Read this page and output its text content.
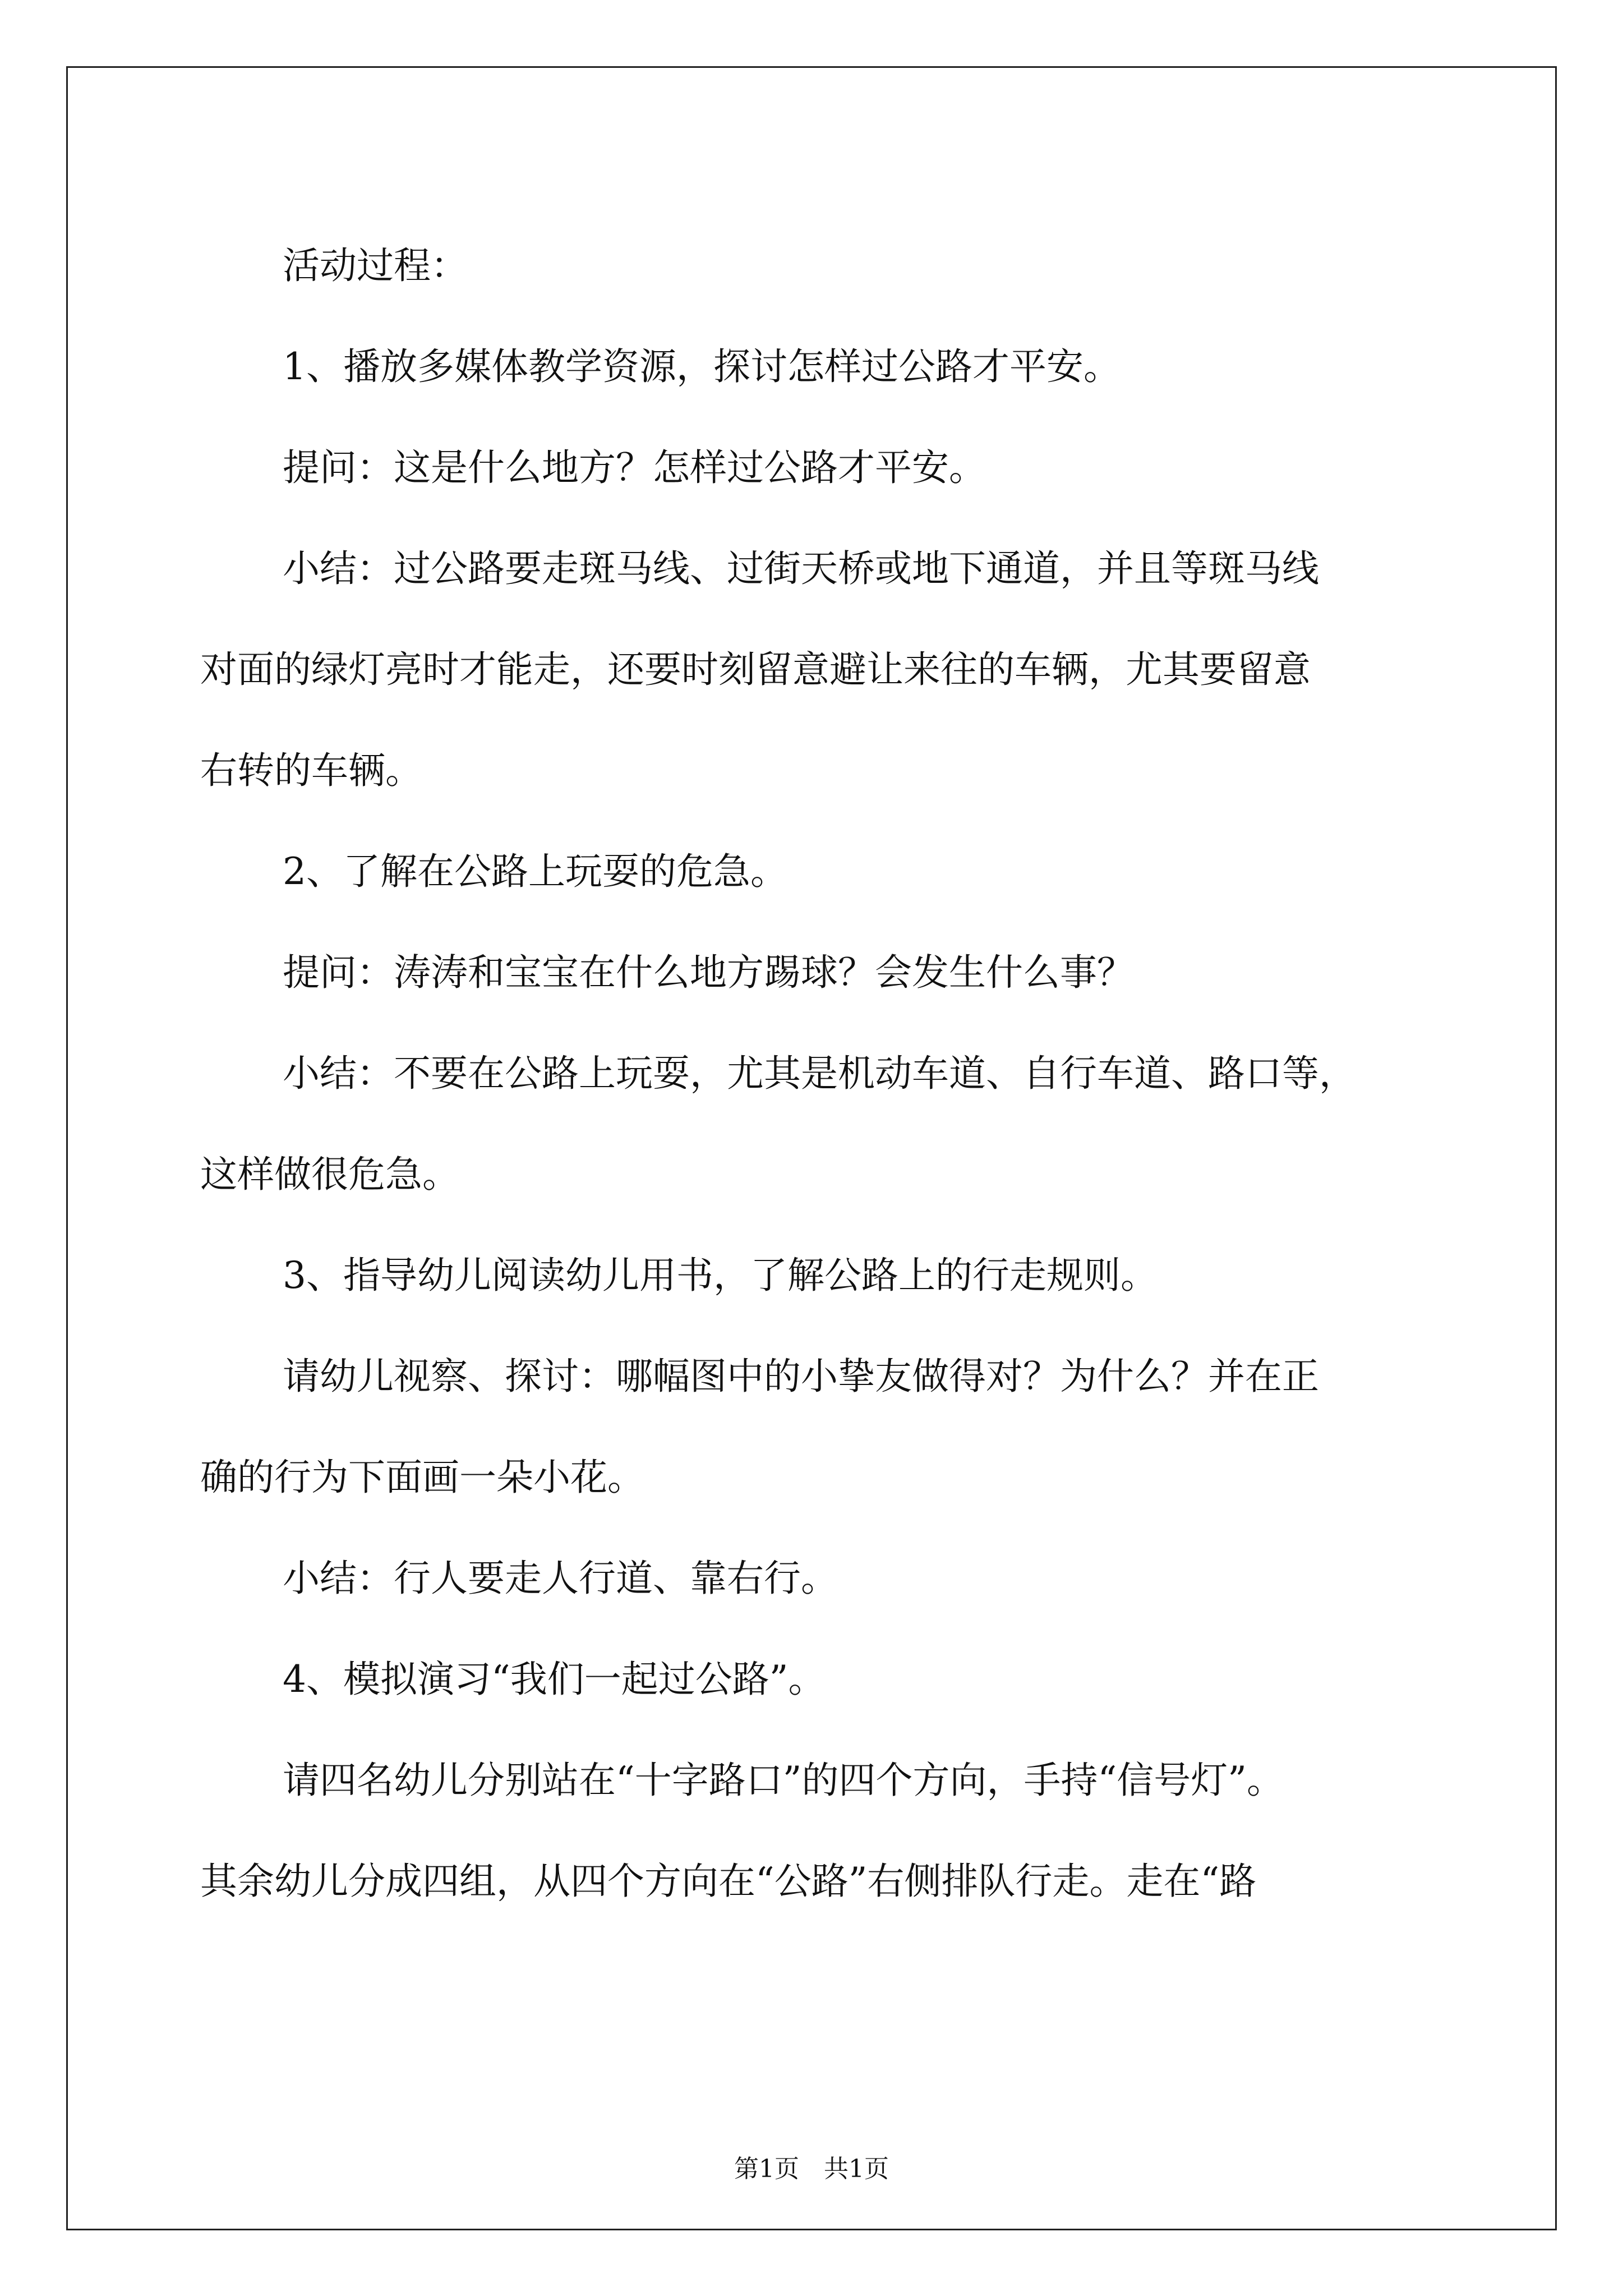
活动过程：
1、播放多媒体教学资源，探讨怎样过公路才平安。
提问：这是什么地方？怎样过公路才平安。
小结：过公路要走斑马线、过街天桥或地下通道，并且等斑马线
对面的绿灯亮时才能走，还要时刻留意避让来往的车辆，尤其要留意
右转的车辆。
2、了解在公路上玩耍的危急。
提问：涛涛和宝宝在什么地方踢球？会发生什么事？
小结：不要在公路上玩耍，尤其是机动车道、自行车道、路口等，
这样做很危急。
3、指导幼儿阅读幼儿用书，了解公路上的行走规则。
请幼儿视察、探讨：哪幅图中的小挚友做得对？为什么？并在正
确的行为下面画一朵小花。
小结：行人要走人行道、靠右行。
4、模拟演习“我们一起过公路”。
请四名幼儿分别站在“十字路口”的四个方向，手持“信号灯”。
其余幼儿分成四组，从四个方向在“公路”右侧排队行走。走在“路
第1页　共1页
